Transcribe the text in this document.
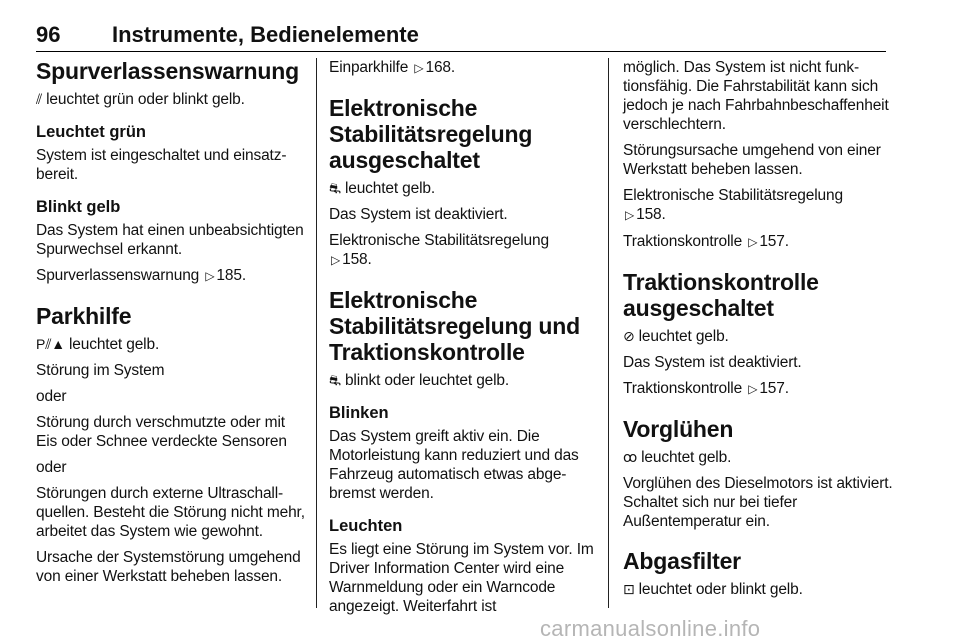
96 Instrumente, Bedienelemente
Spurverlassenswarnung

⫽ leuchtet grün oder blinkt gelb.

Leuchtet grün

System ist eingeschaltet und einsatzbereit.

Blinkt gelb

Das System hat einen unbeabsichtigten Spurwechsel erkannt.

Spurverlassenswarnung ▷ 185.

Parkhilfe

P⫽▲ leuchtet gelb.

Störung im System

oder

Störung durch verschmutzte oder mit Eis oder Schnee verdeckte Sensoren

oder

Störungen durch externe Ultraschallquellen. Besteht die Störung nicht mehr, arbeitet das System wie gewohnt.

Ursache der Systemstörung umgehend von einer Werkstatt beheben lassen.

Einparkhilfe ▷ 168.

Elektronische Stabilitätsregelung ausgeschaltet

⛐ leuchtet gelb.

Das System ist deaktiviert.

Elektronische Stabilitätsregelung
▷ 158.

Elektronische Stabilitätsregelung und Traktionskontrolle

⛐ blinkt oder leuchtet gelb.

Blinken

Das System greift aktiv ein. Die Motorleistung kann reduziert und das Fahrzeug automatisch etwas abgebremst werden.

Leuchten

Es liegt eine Störung im System vor. Im Driver Information Center wird eine Warnmeldung oder ein Warncode angezeigt. Weiterfahrt ist

möglich. Das System ist nicht funktionsfähig. Die Fahrstabilität kann sich jedoch je nach Fahrbahnbeschaffenheit verschlechtern.

Störungsursache umgehend von einer Werkstatt beheben lassen.

Elektronische Stabilitätsregelung
▷ 158.

Traktionskontrolle ▷ 157.

Traktionskontrolle ausgeschaltet

⊘ leuchtet gelb.

Das System ist deaktiviert.

Traktionskontrolle ▷ 157.

Vorglühen

ꝏ leuchtet gelb.

Vorglühen des Dieselmotors ist aktiviert. Schaltet sich nur bei tiefer Außentemperatur ein.

Abgasfilter

⊡ leuchtet oder blinkt gelb.

carmanualsonline.info
